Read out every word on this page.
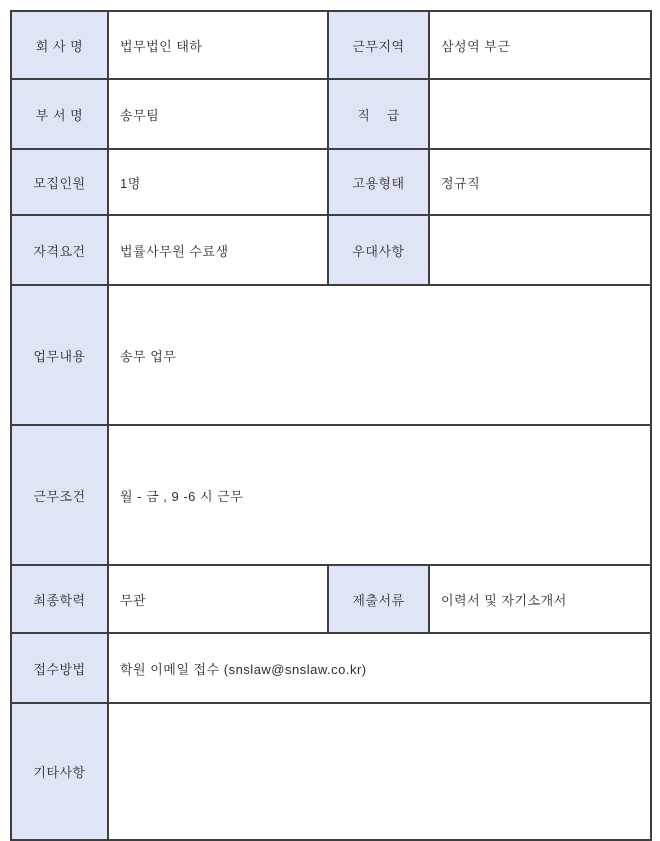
회 사 명	법무법인 태하	근무지역	삼성역 부근
부 서 명	송무팀	직    급	
모집인원	1명	고용형태	정규직
자격요건	법률사무원 수료생	우대사항	
업무내용	송무 업무		
근무조건	월 - 금 , 9 -6 시 근무		
최종학력	무관	제출서류	이력서 및 자기소개서
접수방법	학원 이메일 접수 (snslaw@snslaw.co.kr)		
기타사항			
